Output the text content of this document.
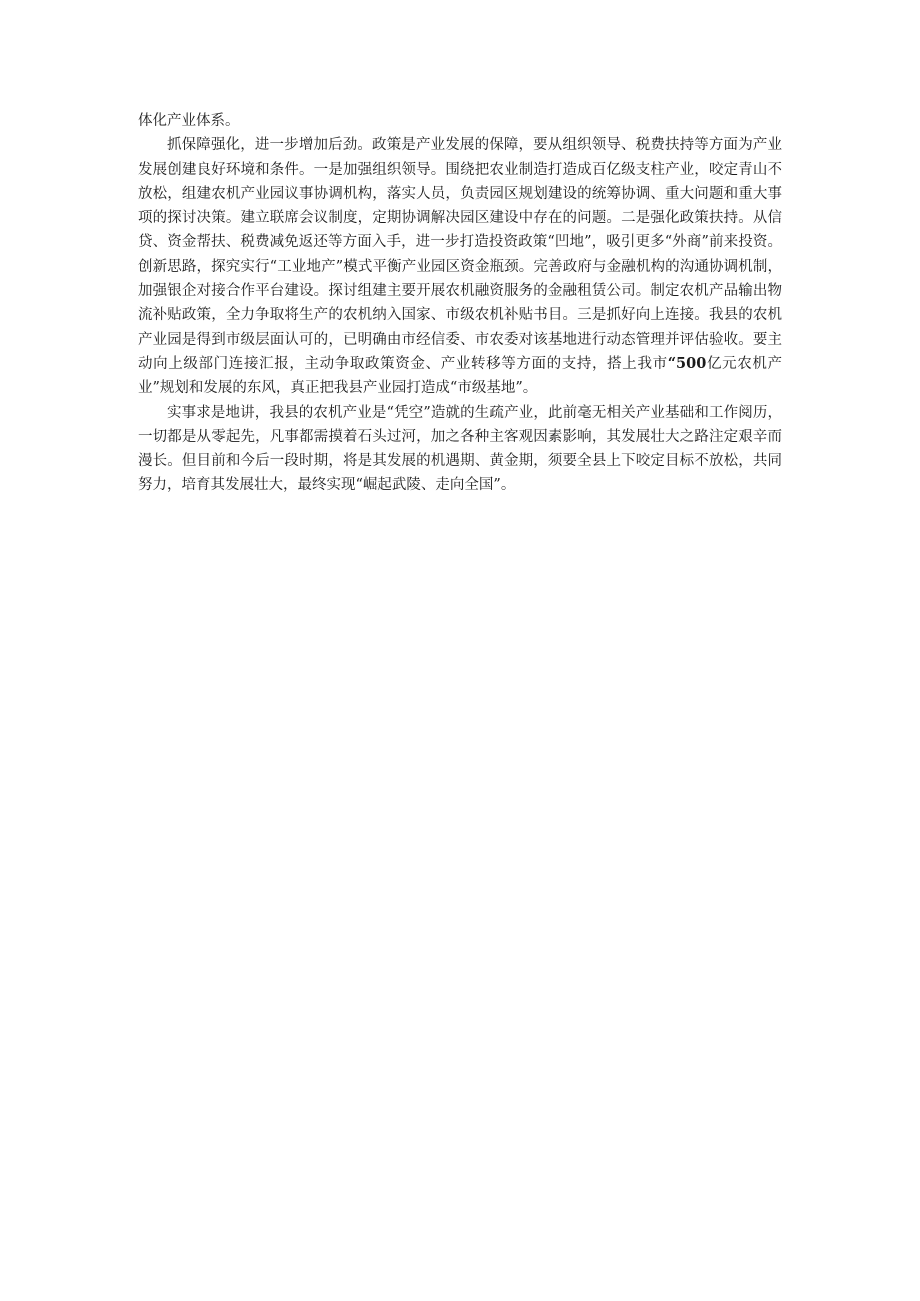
体化产业体系。

抓保障强化，进一步增加后劲。政策是产业发展的保障，要从组织领导、税费扶持等方面为产业发展创建良好环境和条件。一是加强组织领导。围绕把农业制造打造成百亿级支柱产业，咬定青山不放松，组建农机产业园议事协调机构，落实人员，负责园区规划建设的统筹协调、重大问题和重大事项的探讨决策。建立联席会议制度，定期协调解决园区建设中存在的问题。二是强化政策扶持。从信贷、资金帮扶、税费减免返还等方面入手，进一步打造投资政策“凹地”，吸引更多“外商”前来投资。创新思路，探究实行“工业地产”模式平衡产业园区资金瓶颈。完善政府与金融机构的沟通协调机制，加强银企对接合作平台建设。探讨组建主要开展农机融资服务的金融租赁公司。制定农机产品输出物流补贴政策，全力争取将生产的农机纳入国家、市级农机补贴书目。三是抓好向上连接。我县的农机产业园是得到市级层面认可的，已明确由市经信委、市农委对该基地进行动态管理并评估验收。要主动向上级部门连接汇报，主动争取政策资金、产业转移等方面的支持，搭上我市“500亿元农机产业”规划和发展的东风，真正把我县产业园打造成“市级基地”。

实事求是地讲，我县的农机产业是“凭空”造就的生疏产业，此前毫无相关产业基础和工作阅历，一切都是从零起先，凡事都需摸着石头过河，加之各种主客观因素影响，其发展壮大之路注定艰辛而漫长。但目前和今后一段时期，将是其发展的机遇期、黄金期，须要全县上下咬定目标不放松，共同努力，培育其发展壮大，最终实现“崛起武陵、走向全国”。
